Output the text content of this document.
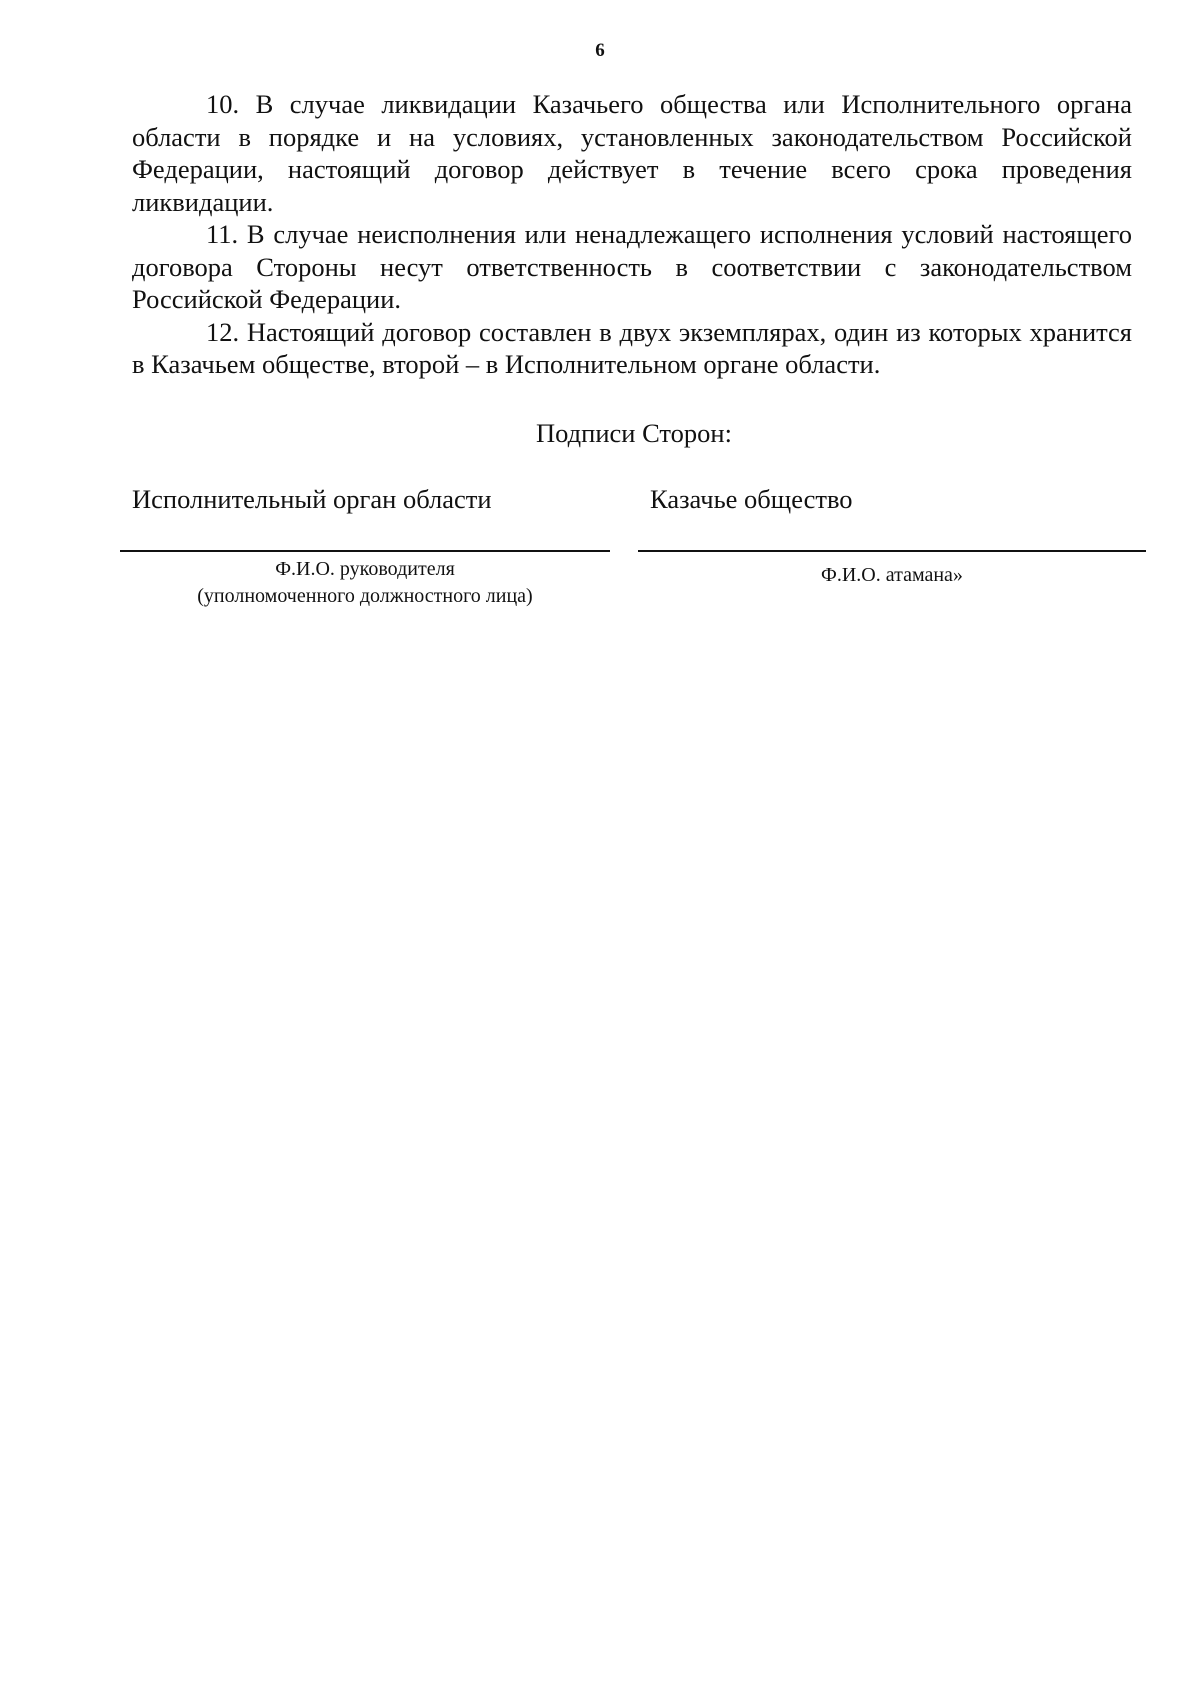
6

10. В случае ликвидации Казачьего общества или Исполнительного органа области в порядке и на условиях, установленных законодательством Российской Федерации, настоящий договор действует в течение всего срока проведения ликвидации.

11. В случае неисполнения или ненадлежащего исполнения условий настоящего договора Стороны несут ответственность в соответствии с законодательством Российской Федерации.

12. Настоящий договор составлен в двух экземплярах, один из которых хранится в Казачьем обществе, второй – в Исполнительном органе области.

Подписи Сторон:
Исполнительный орган области	Казачье общество
Ф.И.О. руководителя
(уполномоченного должностного лица)
Ф.И.О. атамана»
